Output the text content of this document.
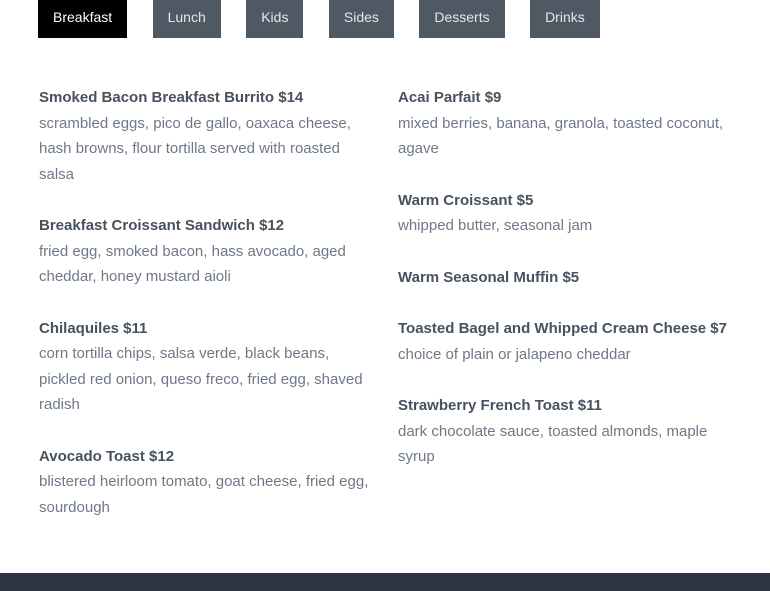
Breakfast	Lunch	Kids	Sides	Desserts	Drinks
Smoked Bacon Breakfast Burrito $14

scrambled eggs, pico de gallo, oaxaca cheese, hash browns, flour tortilla served with roasted salsa

Breakfast Croissant Sandwich $12

fried egg, smoked bacon, hass avocado, aged cheddar, honey mustard aioli

Chilaquiles $11

corn tortilla chips, salsa verde, black beans, pickled red onion, queso freco, fried egg, shaved radish

Avocado Toast $12

blistered heirloom tomato, goat cheese, fried egg, sourdough

Acai Parfait $9

mixed berries, banana, granola, toasted coconut, agave

Warm Croissant $5

whipped butter, seasonal jam

Warm Seasonal Muffin $5
Toasted Bagel and Whipped Cream Cheese $7

choice of plain or jalapeno cheddar

Strawberry French Toast $11

dark chocolate sauce, toasted almonds, maple syrup
